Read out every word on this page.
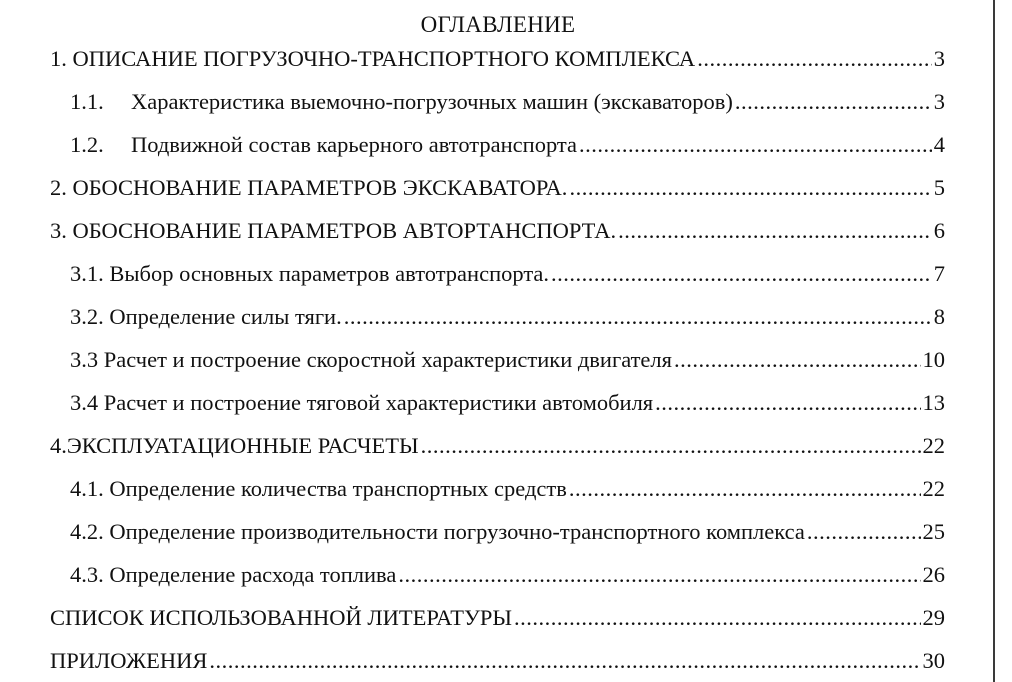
ОГЛАВЛЕНИЕ
1. ОПИСАНИЕ ПОГРУЗОЧНО-ТРАНСПОРТНОГО КОМПЛЕКСА .....	3
1.1.	Характеристика выемочно-погрузочных машин (экскаваторов) .....	3
1.2.	Подвижной состав карьерного автотранспорта .....	4
2. ОБОСНОВАНИЕ ПАРАМЕТРОВ ЭКСКАВАТОРА. .....	5
3. ОБОСНОВАНИЕ ПАРАМЕТРОВ АВТОРТАНСПОРТА. .....	6
3.1. Выбор основных параметров автотранспорта. .....	7
3.2. Определение силы тяги. .....	8
3.3 Расчет и построение скоростной характеристики двигателя .....	10
3.4 Расчет и построение тяговой характеристики автомобиля .....	13
4.ЭКСПЛУАТАЦИОННЫЕ РАСЧЕТЫ .....	22
4.1. Определение количества транспортных средств .....	22
4.2. Определение производительности погрузочно-транспортного комплекса .....	25
4.3. Определение расхода топлива .....	26
СПИСОК ИСПОЛЬЗОВАННОЙ ЛИТЕРАТУРЫ .....	29
ПРИЛОЖЕНИЯ .....	30
